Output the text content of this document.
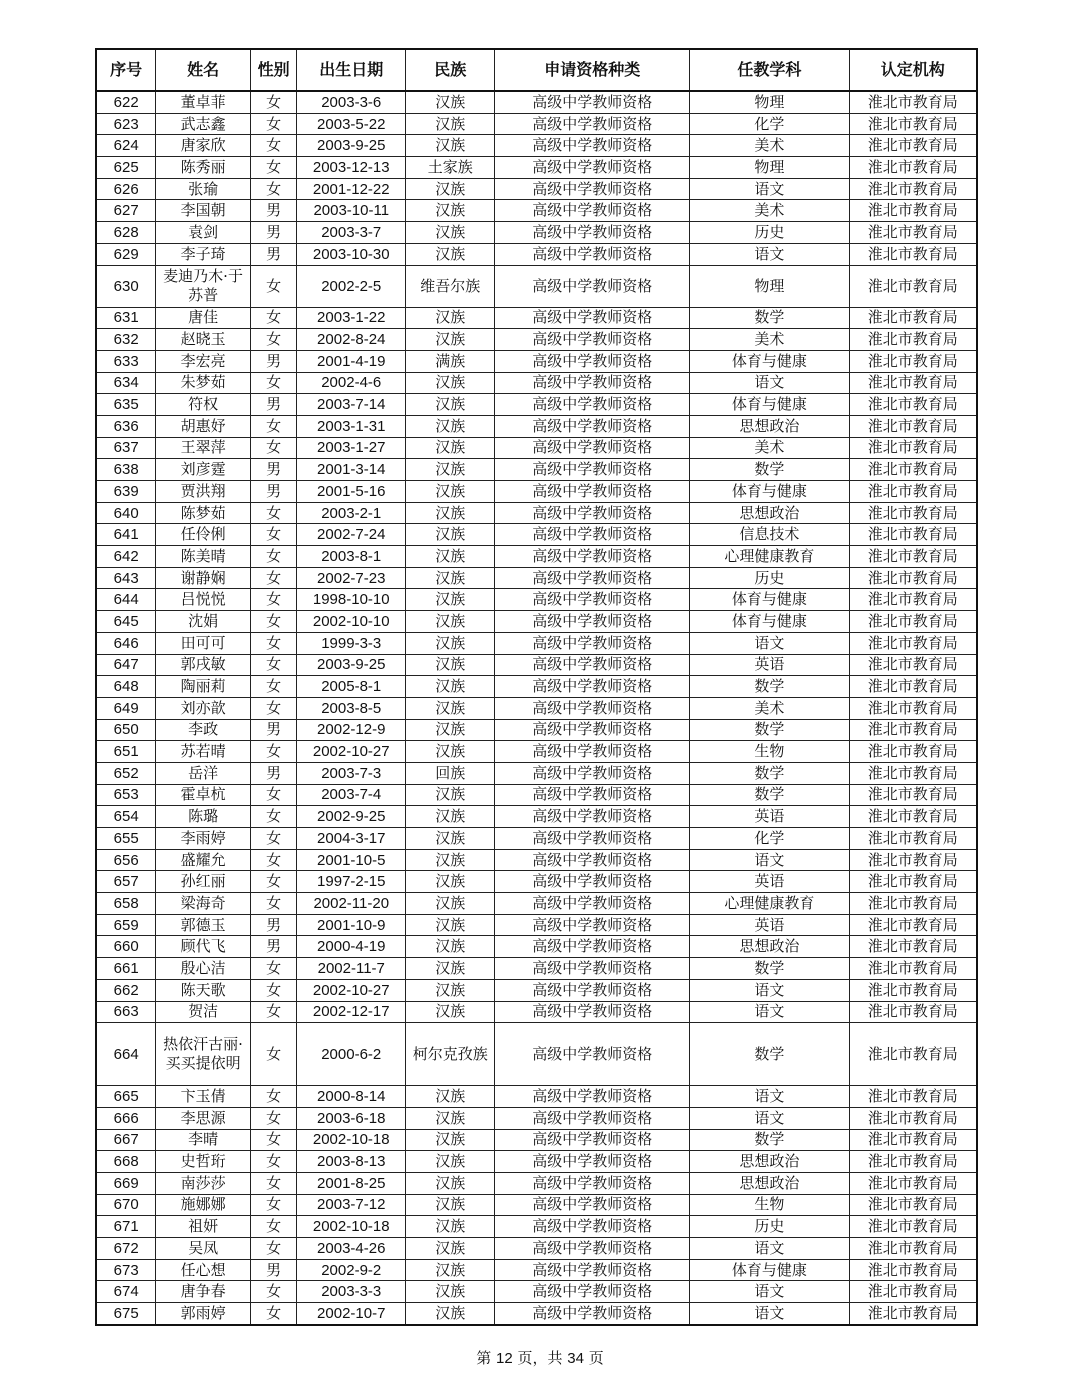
序号	姓名	性别	出生日期	民族	申请资格种类	任教学科	认定机构
622	董卓菲	女	2003-3-6	汉族	高级中学教师资格	物理	淮北市教育局
623	武志鑫	女	2003-5-22	汉族	高级中学教师资格	化学	淮北市教育局
624	唐家欣	女	2003-9-25	汉族	高级中学教师资格	美术	淮北市教育局
625	陈秀丽	女	2003-12-13	土家族	高级中学教师资格	物理	淮北市教育局
626	张瑜	女	2001-12-22	汉族	高级中学教师资格	语文	淮北市教育局
627	李国朝	男	2003-10-11	汉族	高级中学教师资格	美术	淮北市教育局
628	袁剑	男	2003-3-7	汉族	高级中学教师资格	历史	淮北市教育局
629	李子琦	男	2003-10-30	汉族	高级中学教师资格	语文	淮北市教育局
630	麦迪乃木·于苏普	女	2002-2-5	维吾尔族	高级中学教师资格	物理	淮北市教育局
631	唐佳	女	2003-1-22	汉族	高级中学教师资格	数学	淮北市教育局
632	赵晓玉	女	2002-8-24	汉族	高级中学教师资格	美术	淮北市教育局
633	李宏亮	男	2001-4-19	满族	高级中学教师资格	体育与健康	淮北市教育局
634	朱梦茹	女	2002-4-6	汉族	高级中学教师资格	语文	淮北市教育局
635	符权	男	2003-7-14	汉族	高级中学教师资格	体育与健康	淮北市教育局
636	胡惠妤	女	2003-1-31	汉族	高级中学教师资格	思想政治	淮北市教育局
637	王翠萍	女	2003-1-27	汉族	高级中学教师资格	美术	淮北市教育局
638	刘彦霆	男	2001-3-14	汉族	高级中学教师资格	数学	淮北市教育局
639	贾洪翔	男	2001-5-16	汉族	高级中学教师资格	体育与健康	淮北市教育局
640	陈梦茹	女	2003-2-1	汉族	高级中学教师资格	思想政治	淮北市教育局
641	任伶俐	女	2002-7-24	汉族	高级中学教师资格	信息技术	淮北市教育局
642	陈美晴	女	2003-8-1	汉族	高级中学教师资格	心理健康教育	淮北市教育局
643	谢静娴	女	2002-7-23	汉族	高级中学教师资格	历史	淮北市教育局
644	吕悦悦	女	1998-10-10	汉族	高级中学教师资格	体育与健康	淮北市教育局
645	沈娟	女	2002-10-10	汉族	高级中学教师资格	体育与健康	淮北市教育局
646	田可可	女	1999-3-3	汉族	高级中学教师资格	语文	淮北市教育局
647	郭戌敏	女	2003-9-25	汉族	高级中学教师资格	英语	淮北市教育局
648	陶丽莉	女	2005-8-1	汉族	高级中学教师资格	数学	淮北市教育局
649	刘亦歆	女	2003-8-5	汉族	高级中学教师资格	美术	淮北市教育局
650	李政	男	2002-12-9	汉族	高级中学教师资格	数学	淮北市教育局
651	苏若晴	女	2002-10-27	汉族	高级中学教师资格	生物	淮北市教育局
652	岳洋	男	2003-7-3	回族	高级中学教师资格	数学	淮北市教育局
653	霍卓杭	女	2003-7-4	汉族	高级中学教师资格	数学	淮北市教育局
654	陈璐	女	2002-9-25	汉族	高级中学教师资格	英语	淮北市教育局
655	李雨婷	女	2004-3-17	汉族	高级中学教师资格	化学	淮北市教育局
656	盛耀允	女	2001-10-5	汉族	高级中学教师资格	语文	淮北市教育局
657	孙红丽	女	1997-2-15	汉族	高级中学教师资格	英语	淮北市教育局
658	梁海奇	女	2002-11-20	汉族	高级中学教师资格	心理健康教育	淮北市教育局
659	郭德玉	男	2001-10-9	汉族	高级中学教师资格	英语	淮北市教育局
660	顾代飞	男	2000-4-19	汉族	高级中学教师资格	思想政治	淮北市教育局
661	殷心洁	女	2002-11-7	汉族	高级中学教师资格	数学	淮北市教育局
662	陈天歌	女	2002-10-27	汉族	高级中学教师资格	语文	淮北市教育局
663	贺洁	女	2002-12-17	汉族	高级中学教师资格	语文	淮北市教育局
664	热依汗古丽·买买提依明	女	2000-6-2	柯尔克孜族	高级中学教师资格	数学	淮北市教育局
665	卞玉倩	女	2000-8-14	汉族	高级中学教师资格	语文	淮北市教育局
666	李思源	女	2003-6-18	汉族	高级中学教师资格	语文	淮北市教育局
667	李晴	女	2002-10-18	汉族	高级中学教师资格	数学	淮北市教育局
668	史哲珩	女	2003-8-13	汉族	高级中学教师资格	思想政治	淮北市教育局
669	南莎莎	女	2001-8-25	汉族	高级中学教师资格	思想政治	淮北市教育局
670	施娜娜	女	2003-7-12	汉族	高级中学教师资格	生物	淮北市教育局
671	祖妍	女	2002-10-18	汉族	高级中学教师资格	历史	淮北市教育局
672	吴凤	女	2003-4-26	汉族	高级中学教师资格	语文	淮北市教育局
673	任心想	男	2002-9-2	汉族	高级中学教师资格	体育与健康	淮北市教育局
674	唐争春	女	2003-3-3	汉族	高级中学教师资格	语文	淮北市教育局
675	郭雨婷	女	2002-10-7	汉族	高级中学教师资格	语文	淮北市教育局
第 12 页，共 34 页
